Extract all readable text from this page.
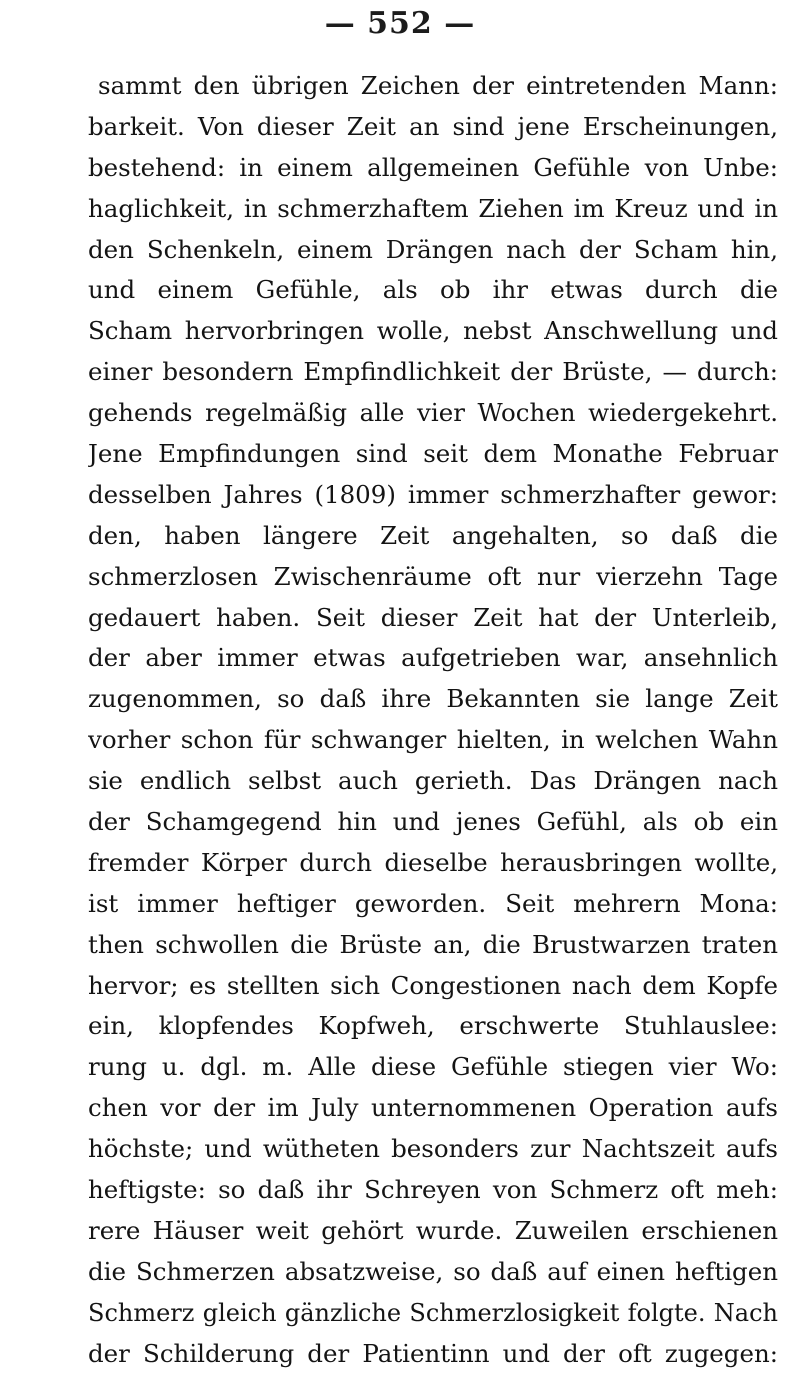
— 552 —
sammt den übrigen Zeichen der eintretenden Mann:
barkeit. Von dieser Zeit an sind jene Erscheinungen,
bestehend: in einem allgemeinen Gefühle von Unbe:
haglichkeit, in schmerzhaftem Ziehen im Kreuz und in
den Schenkeln, einem Drängen nach der Scham hin,
und einem Gefühle, als ob ihr etwas durch die
Scham hervorbringen wolle, nebst Anschwellung und
einer besondern Empfindlichkeit der Brüste, — durch:
gehends regelmäßig alle vier Wochen wiedergekehrt.
Jene Empfindungen sind seit dem Monathe Februar
desselben Jahres (1809) immer schmerzhafter gewor:
den, haben längere Zeit angehalten, so daß die
schmerzlosen Zwischenräume oft nur vierzehn Tage
gedauert haben. Seit dieser Zeit hat der Unterleib,
der aber immer etwas aufgetrieben war, ansehnlich
zugenommen, so daß ihre Bekannten sie lange Zeit
vorher schon für schwanger hielten, in welchen Wahn
sie endlich selbst auch gerieth. Das Drängen nach
der Schamgegend hin und jenes Gefühl, als ob ein
fremder Körper durch dieselbe herausbringen wollte,
ist immer heftiger geworden. Seit mehrern Mona:
then schwollen die Brüste an, die Brustwarzen traten
hervor; es stellten sich Congestionen nach dem Kopfe
ein, klopfendes Kopfweh, erschwerte Stuhlauslee:
rung u. dgl. m. Alle diese Gefühle stiegen vier Wo:
chen vor der im July unternommenen Operation aufs
höchste; und wütheten besonders zur Nachtszeit aufs
heftigste: so daß ihr Schreyen von Schmerz oft meh:
rere Häuser weit gehört wurde. Zuweilen erschienen
die Schmerzen absatzweise, so daß auf einen heftigen
Schmerz gleich gänzliche Schmerzlosigkeit folgte. Nach
der Schilderung der Patientinn und der oft zugegen:
